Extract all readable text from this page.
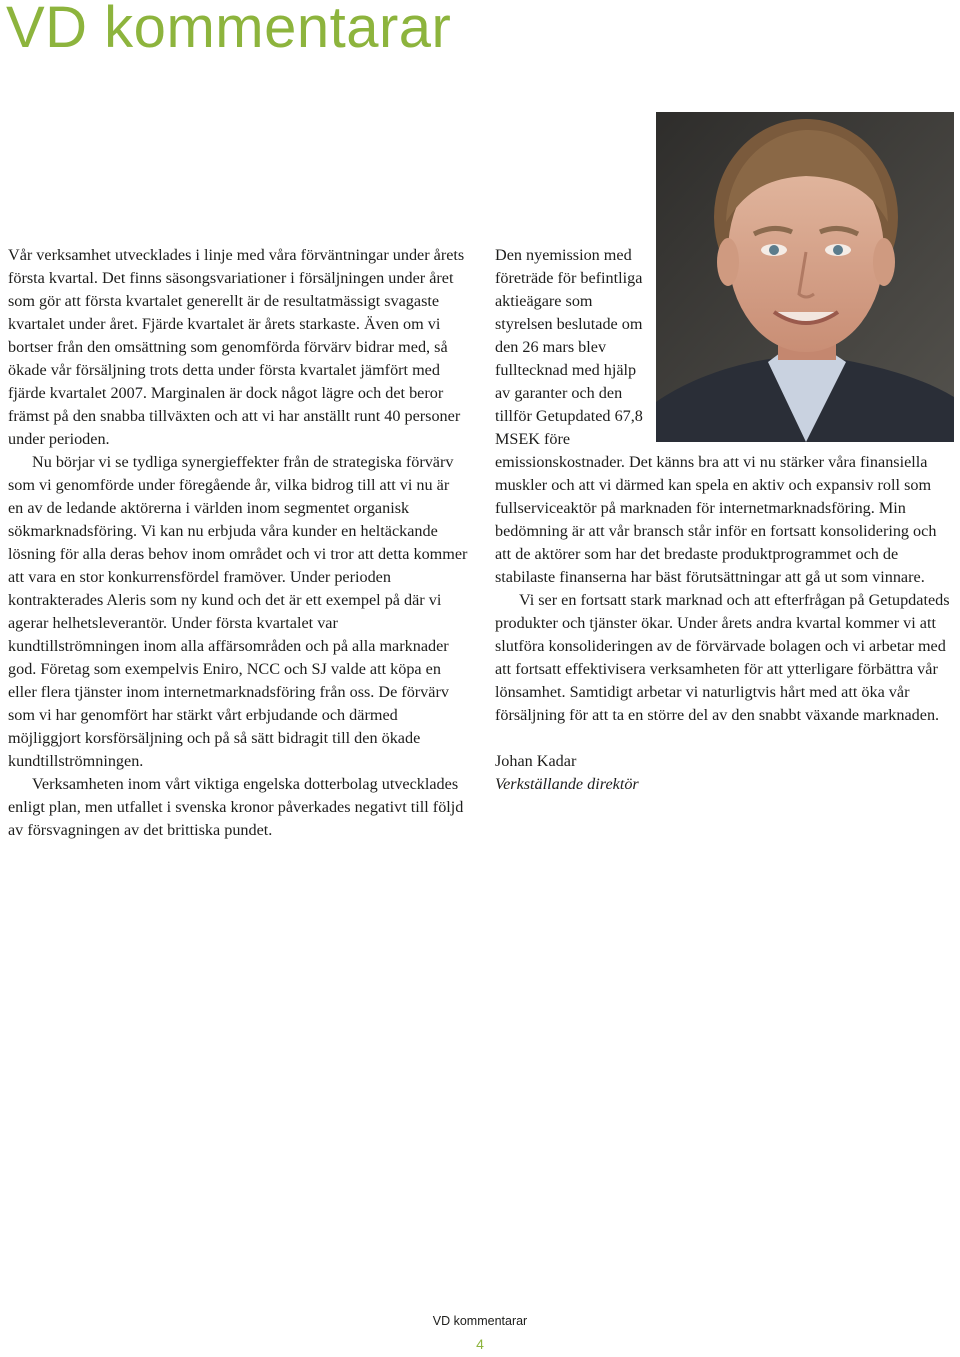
VD kommentarar

Vår verksamhet utvecklades i linje med våra förväntningar under årets första kvartal. Det finns säsongsvariationer i försäljningen under året som gör att första kvartalet generellt är de resultatmässigt svagaste kvartalet under året. Fjärde kvartalet är årets starkaste. Även om vi bortser från den omsättning som genomförda förvärv bidrar med, så ökade vår försäljning trots detta under första kvartalet jämfört med fjärde kvartalet 2007. Marginalen är dock något lägre och det beror främst på den snabba tillväxten och att vi har anställt runt 40 personer under perioden.

Nu börjar vi se tydliga synergieffekter från de strategiska förvärv som vi genomförde under föregående år, vilka bidrog till att vi nu är en av de ledande aktörerna i världen inom segmentet organisk sökmarknadsföring. Vi kan nu erbjuda våra kunder en heltäckande lösning för alla deras behov inom området och vi tror att detta kommer att vara en stor konkurrensfördel framöver. Under perioden kontrakterades Aleris som ny kund och det är ett exempel på där vi agerar helhetsleverantör. Under första kvartalet var kundtillströmningen inom alla affärsområden och på alla marknader god. Företag som exempelvis Eniro, NCC och SJ valde att köpa en eller flera tjänster inom internetmarknadsföring från oss. De förvärv som vi har genomfört har stärkt vårt erbjudande och därmed möjliggjort korsförsäljning och på så sätt bidragit till den ökade kundtillströmningen.

Verksamheten inom vårt viktiga engelska dotterbolag utvecklades enligt plan, men utfallet i svenska kronor påverkades negativt till följd av försvagningen av det brittiska pundet.

Den nyemission med företräde för befintliga aktieägare som styrelsen beslutade om den 26 mars blev fulltecknad med hjälp av garanter och den tillför Getupdated 67,8 MSEK före emissionskostnader. Det känns bra att vi nu stärker våra finansiella muskler och att vi därmed kan spela en aktiv och expansiv roll som fullserviceaktör på marknaden för internetmarknadsföring. Min bedömning är att vår bransch står inför en fortsatt konsolidering och att de aktörer som har det bredaste produktprogrammet och de stabilaste finanserna har bäst förutsättningar att gå ut som vinnare.

Vi ser en fortsatt stark marknad och att efterfrågan på Getupdateds produkter och tjänster ökar. Under årets andra kvartal kommer vi att slutföra konsolideringen av de förvärvade bolagen och vi arbetar med att fortsatt effektivisera verksamheten för att ytterligare förbättra vår lönsamhet. Samtidigt arbetar vi naturligtvis hårt med att öka vår försäljning för att ta en större del av den snabbt växande marknaden.

Johan Kadar
Verkställande direktör
VD kommentarar
4
